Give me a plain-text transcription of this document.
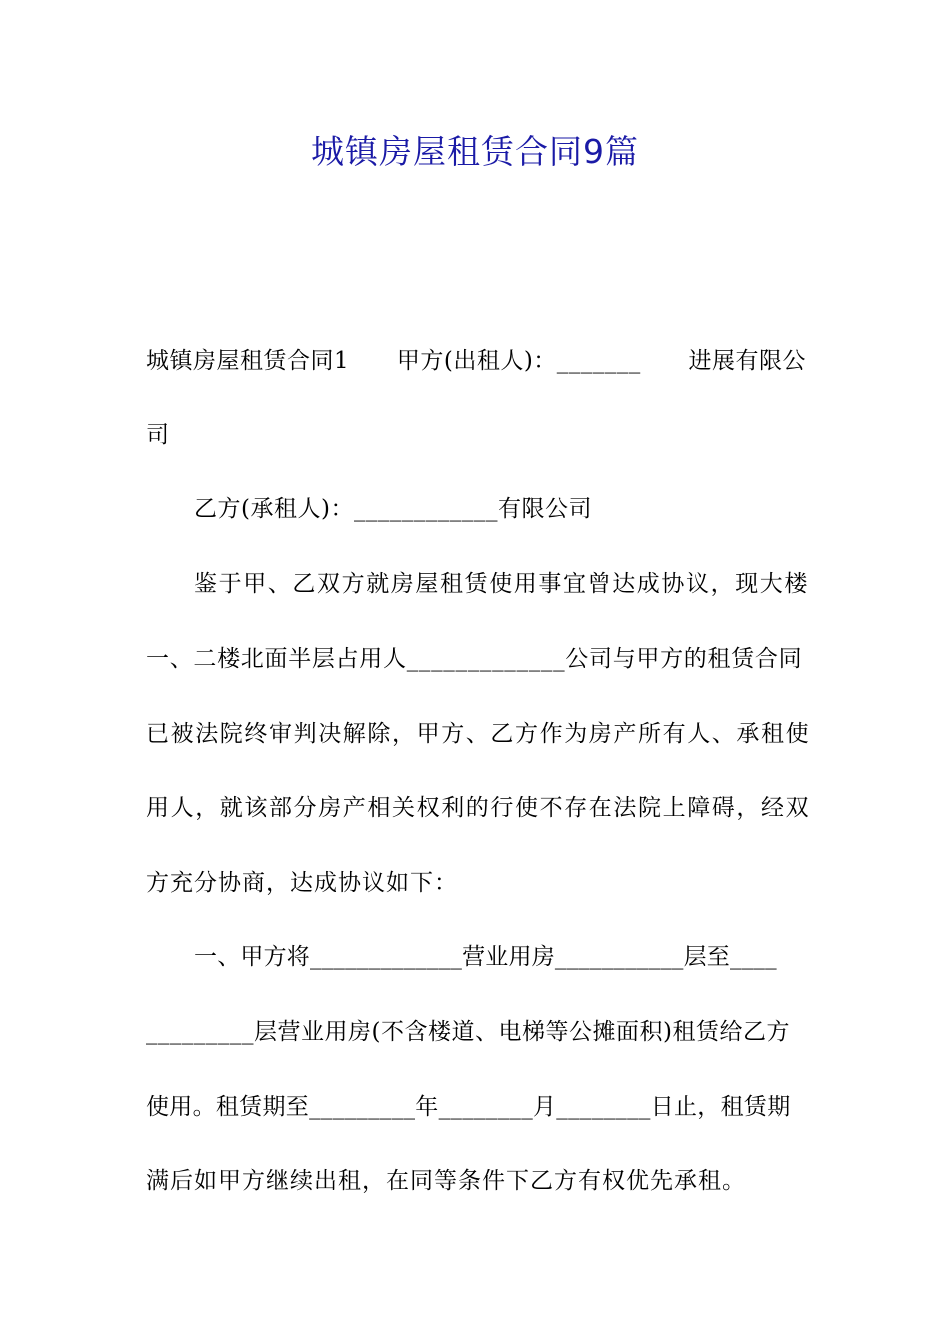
城镇房屋租赁合同9篇
城镇房屋租赁合同1 甲方(出租人)：_______ 进展有限公
司
乙方(承租人)：____________有限公司
鉴于甲、乙双方就房屋租赁使用事宜曾达成协议，现大楼
一、二楼北面半层占用人_____________公司与甲方的租赁合同
已被法院终审判决解除，甲方、乙方作为房产所有人、承租使
用人，就该部分房产相关权利的行使不存在法院上障碍，经双
方充分协商，达成协议如下：
一、甲方将_____________营业用房___________层至____
_________层营业用房(不含楼道、电梯等公摊面积)租赁给乙方
使用。租赁期至_________年________月________日止，租赁期
满后如甲方继续出租，在同等条件下乙方有权优先承租。
